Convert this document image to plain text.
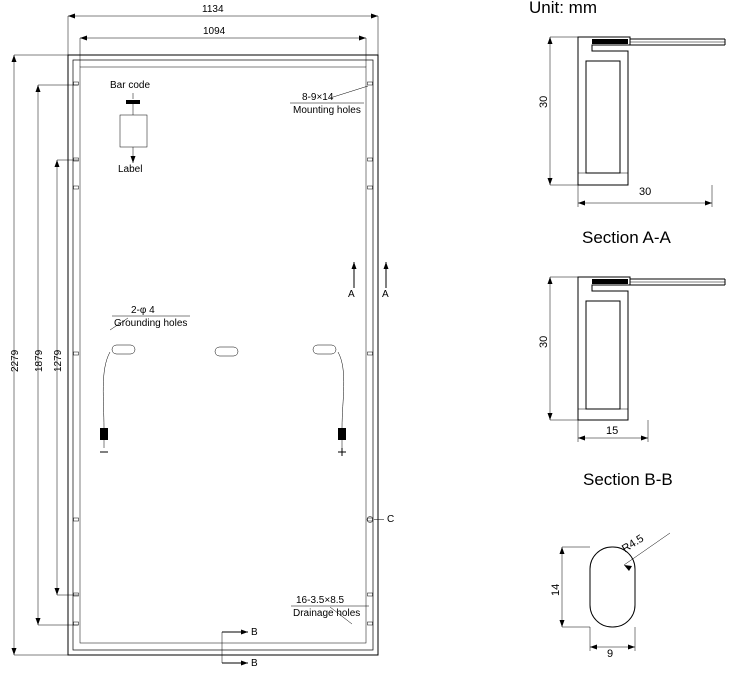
Unit: mm
1134
1094
2279 1879 1279
Bar code
Label
8-9×14
Mounting holes
2-φ 4
Grounding holes
16-3.5×8.5
Drainage holes
A	A
C
B
B
30
30
Section A-A
30
15
Section B-B
R4.5
14
9
